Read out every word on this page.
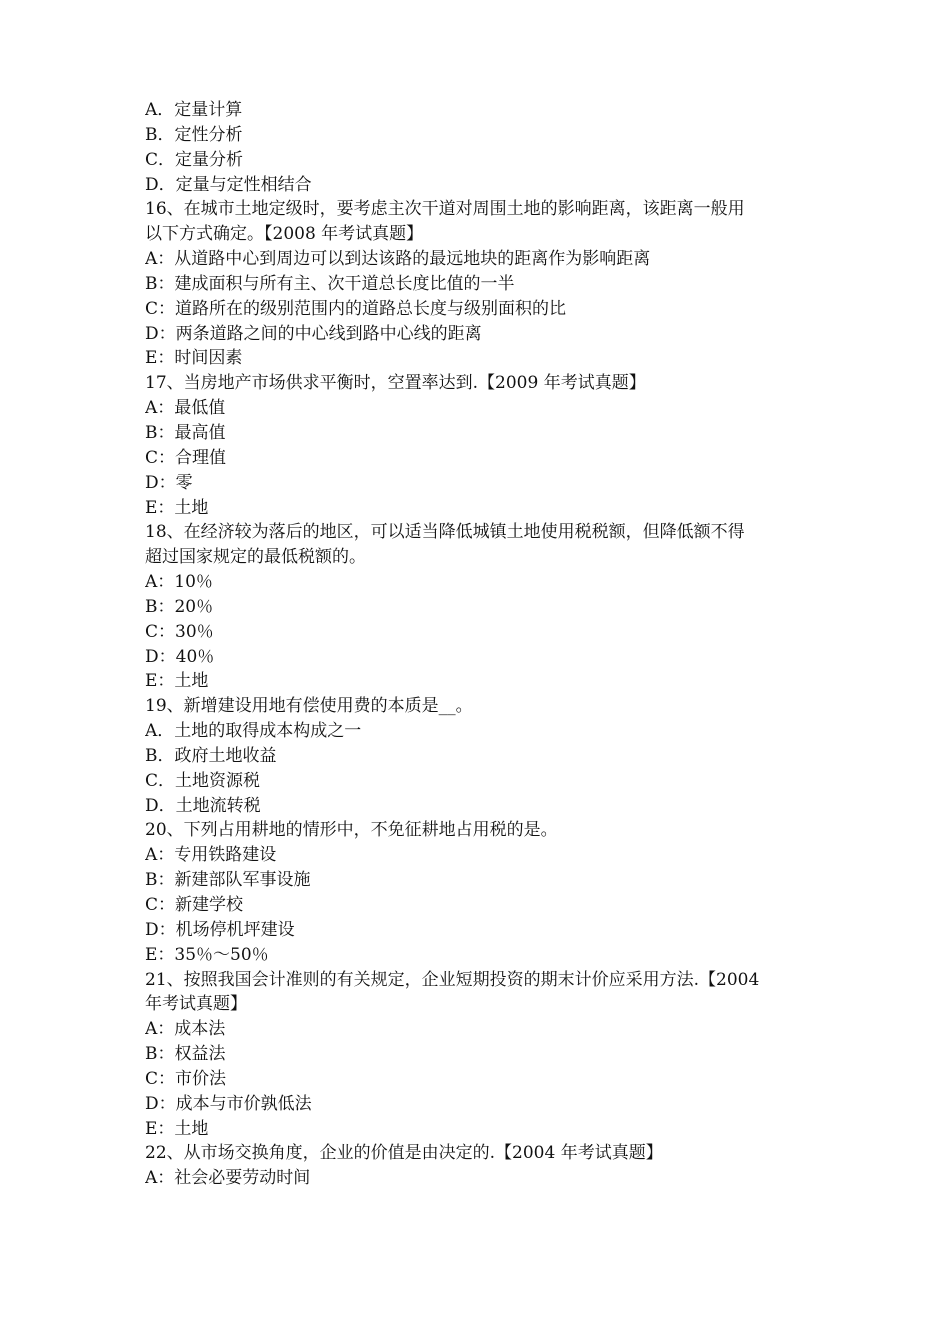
A．定量计算
B．定性分析
C．定量分析
D．定量与定性相结合
16、在城市土地定级时，要考虑主次干道对周围土地的影响距离，该距离一般用
以下方式确定。【2008 年考试真题】
A：从道路中心到周边可以到达该路的最远地块的距离作为影响距离
B：建成面积与所有主、次干道总长度比值的一半
C：道路所在的级别范围内的道路总长度与级别面积的比
D：两条道路之间的中心线到路中心线的距离
E：时间因素
17、当房地产市场供求平衡时，空置率达到.【2009 年考试真题】
A：最低值
B：最高值
C：合理值
D：零
E：土地
18、在经济较为落后的地区，可以适当降低城镇土地使用税税额，但降低额不得
超过国家规定的最低税额的。
A：10％
B：20％
C：30％
D：40％
E：土地
19、新增建设用地有偿使用费的本质是__。
A．土地的取得成本构成之一
B．政府土地收益
C．土地资源税
D．土地流转税
20、下列占用耕地的情形中，不免征耕地占用税的是。
A：专用铁路建设
B：新建部队军事设施
C：新建学校
D：机场停机坪建设
E：35％～50％
21、按照我国会计准则的有关规定，企业短期投资的期末计价应采用方法.【2004
年考试真题】
A：成本法
B：权益法
C：市价法
D：成本与市价孰低法
E：土地
22、从市场交换角度，企业的价值是由决定的.【2004 年考试真题】
A：社会必要劳动时间
